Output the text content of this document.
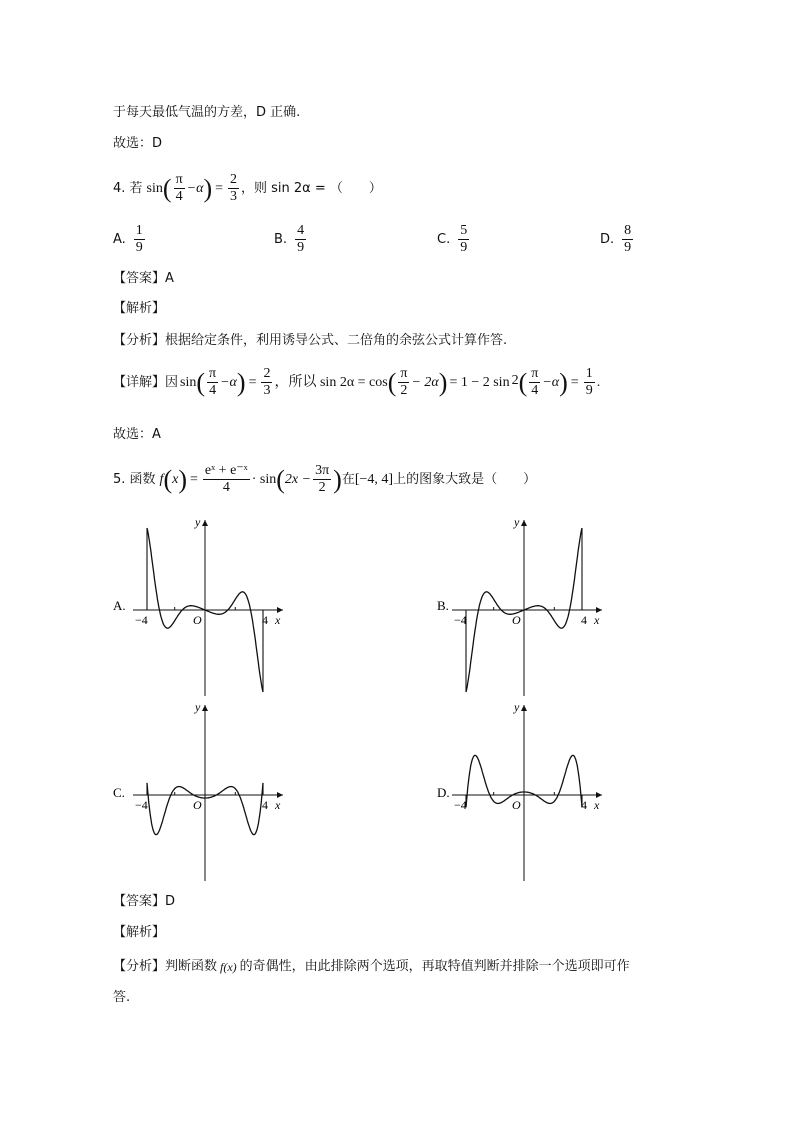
于每天最低气温的方差，D 正确.
故选：D
4. 若 sin ( $\frac{\pi}{4} -\alpha$ ) = $\frac{2}{3}$ ，则 sin 2α = （　　）
A. $\frac{1}{9}$	B. $\frac{4}{9}$	C. $\frac{5}{9}$	D. $\frac{8}{9}$
【答案】A
【解析】
【分析】根据给定条件，利用诱导公式、二倍角的余弦公式计算作答.
【详解】因 sin ( $\frac{\pi}{4} -\alpha$ ) = $\frac{2}{3}$ ，所以 sin 2α = cos ( $\frac{\pi}{2} - 2\alpha$ ) = 1 − 2 sin 2 ( $\frac{\pi}{4} -\alpha$ ) = $\frac{1}{9}$ .
故选：A
5. 函数 f ( x ) = $\frac{\text{eˣ + e⁻ˣ}}{4} \cdot \sin$ ( $2x - \frac{3\pi}{2}$ ) 在 [−4, 4] 上的图象大致是（　　）
A.
y
x
O
−4	4
B.
y
x
O
−4	4
C.
y
x
O
−4	4
D.
y
x
O
−4	4
【答案】D
【解析】
【分析】判断函数 f(x) 的奇偶性，由此排除两个选项，再取特值判断并排除一个选项即可作
答.
